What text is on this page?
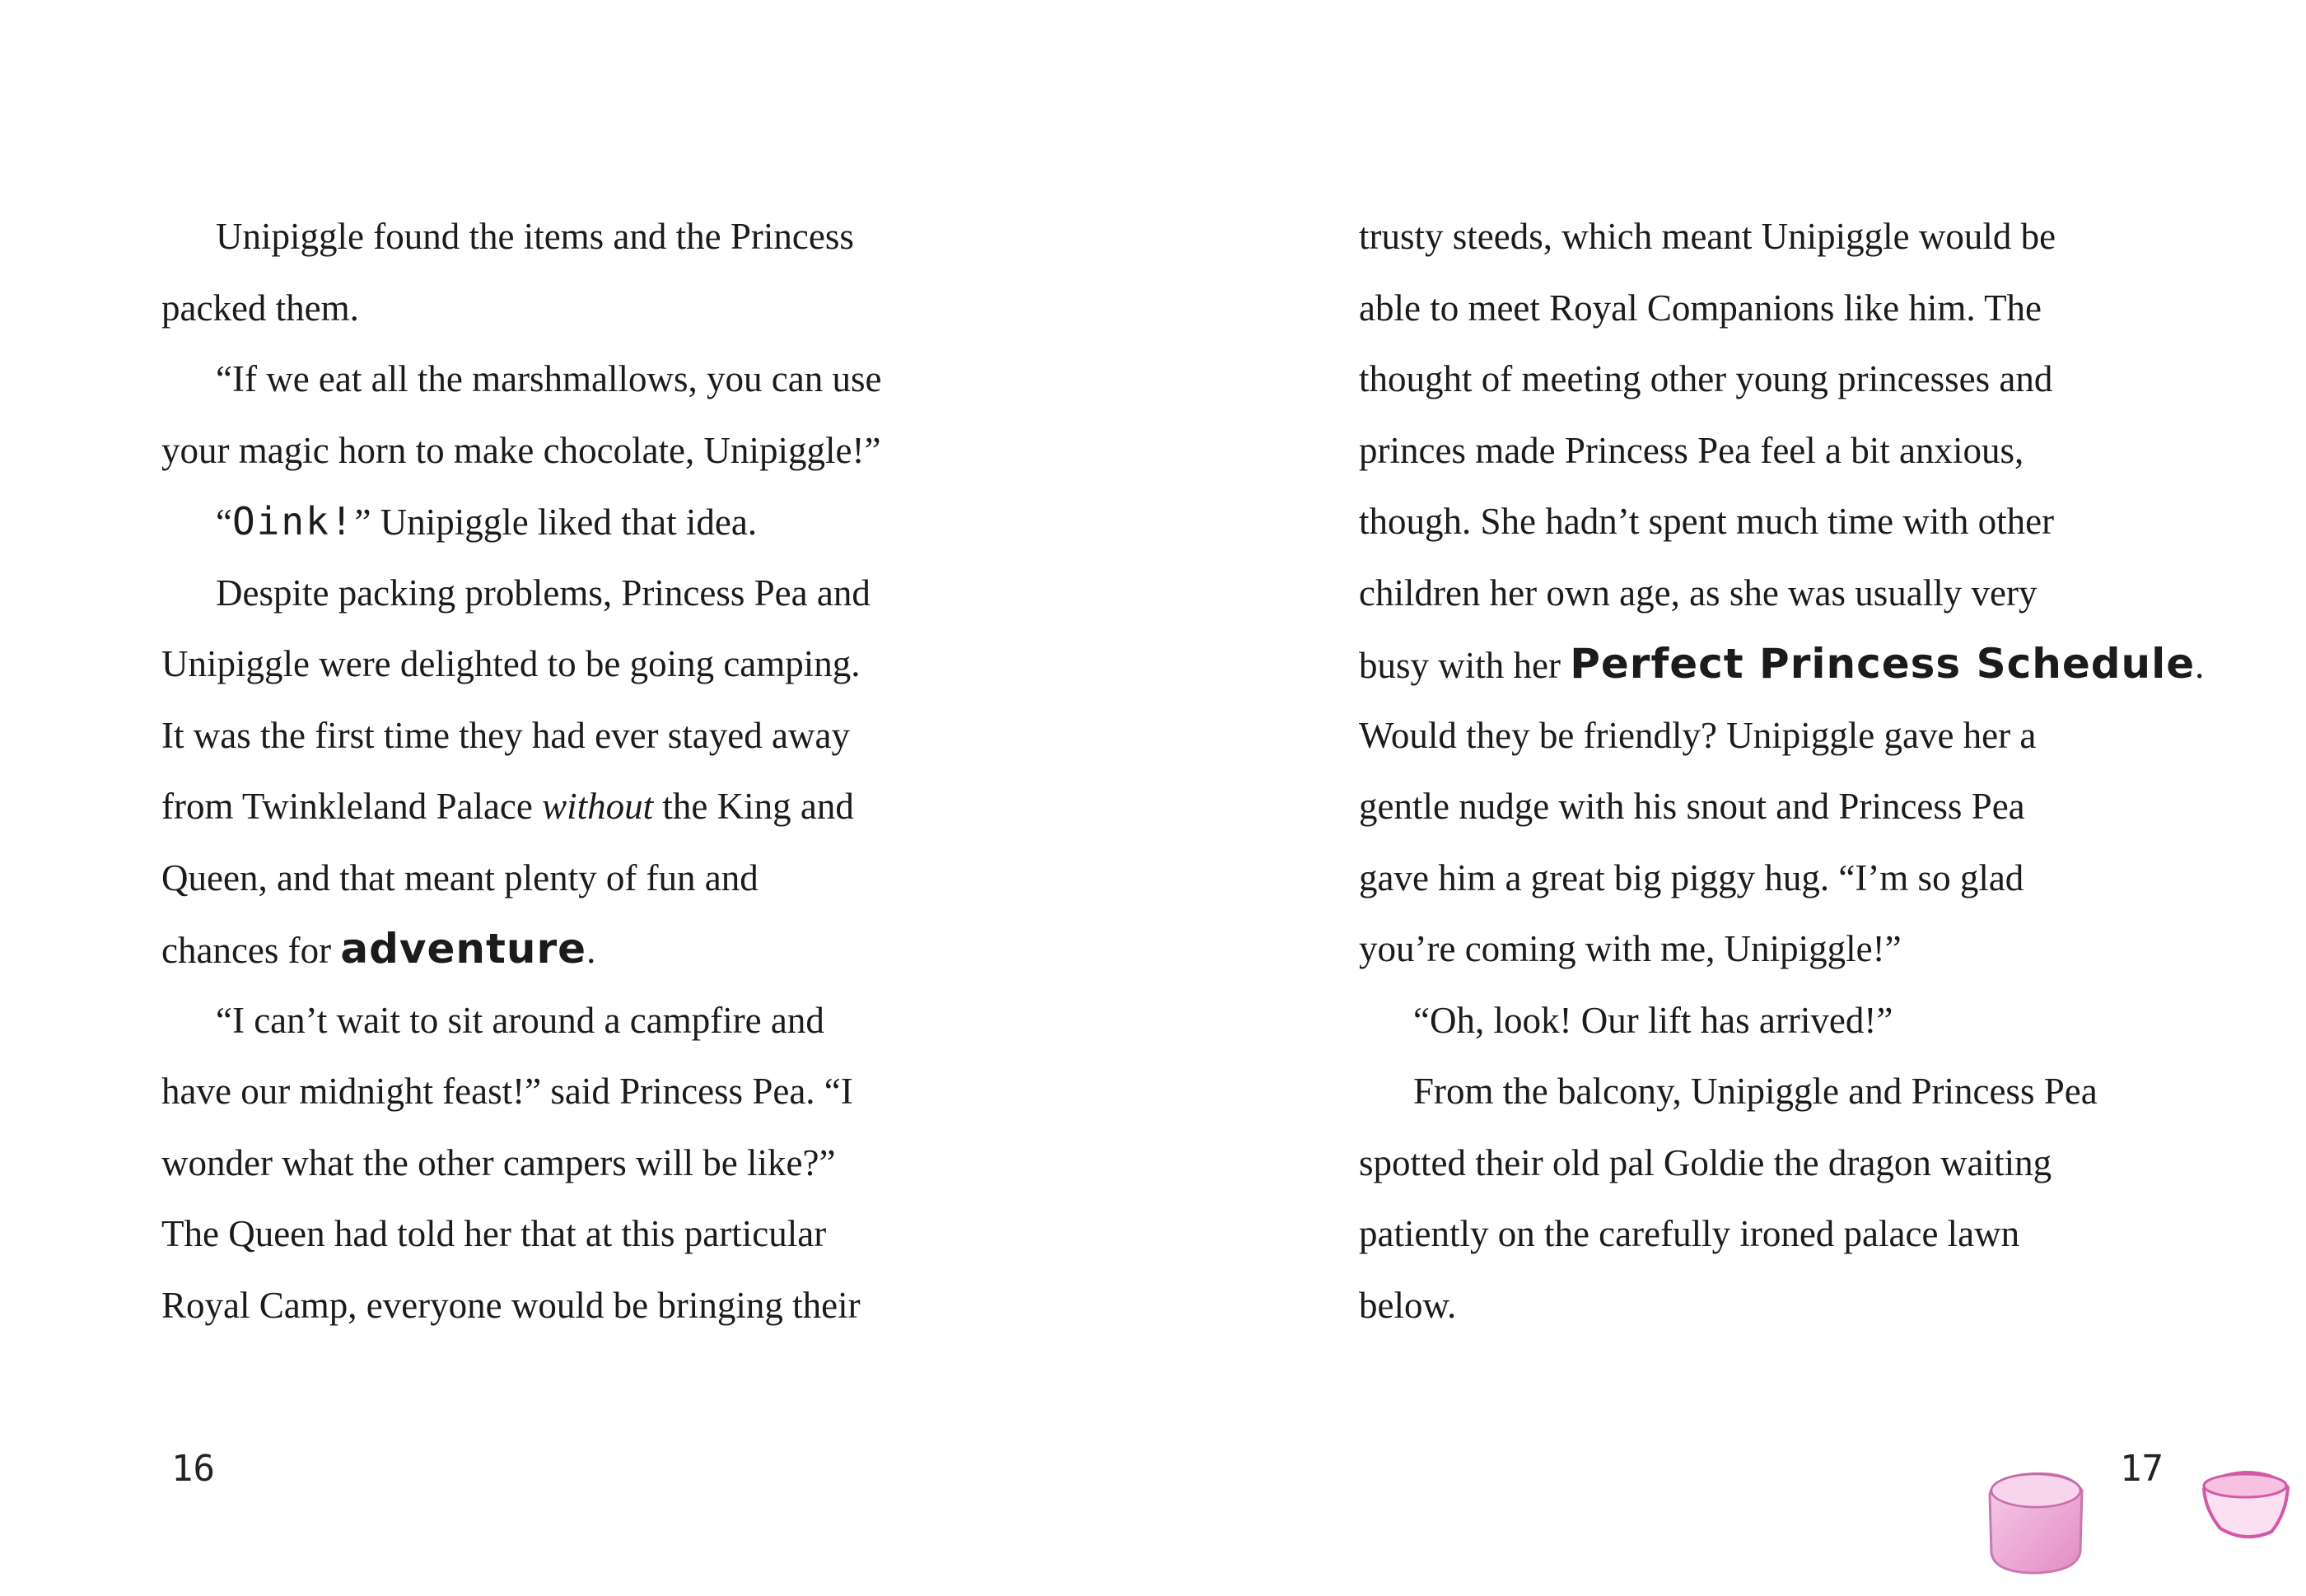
Unipiggle found the items and the Princess
packed them.
“If we eat all the marshmallows, you can use
your magic horn to make chocolate, Unipiggle!”
“Oink!” Unipiggle liked that idea.
Despite packing problems, Princess Pea and
Unipiggle were delighted to be going camping.
It was the first time they had ever stayed away
from Twinkleland Palace without the King and
Queen, and that meant plenty of fun and
chances for adventure.
“I can’t wait to sit around a campfire and
have our midnight feast!” said Princess Pea. “I
wonder what the other campers will be like?”
The Queen had told her that at this particular
Royal Camp, everyone would be bringing their
16
trusty steeds, which meant Unipiggle would be
able to meet Royal Companions like him. The
thought of meeting other young princesses and
princes made Princess Pea feel a bit anxious,
though. She hadn’t spent much time with other
children her own age, as she was usually very
busy with her Perfect Princess Schedule.
Would they be friendly? Unipiggle gave her a
gentle nudge with his snout and Princess Pea
gave him a great big piggy hug. “I’m so glad
you’re coming with me, Unipiggle!”
“Oh, look! Our lift has arrived!”
From the balcony, Unipiggle and Princess Pea
spotted their old pal Goldie the dragon waiting
patiently on the carefully ironed palace lawn
below.
17
